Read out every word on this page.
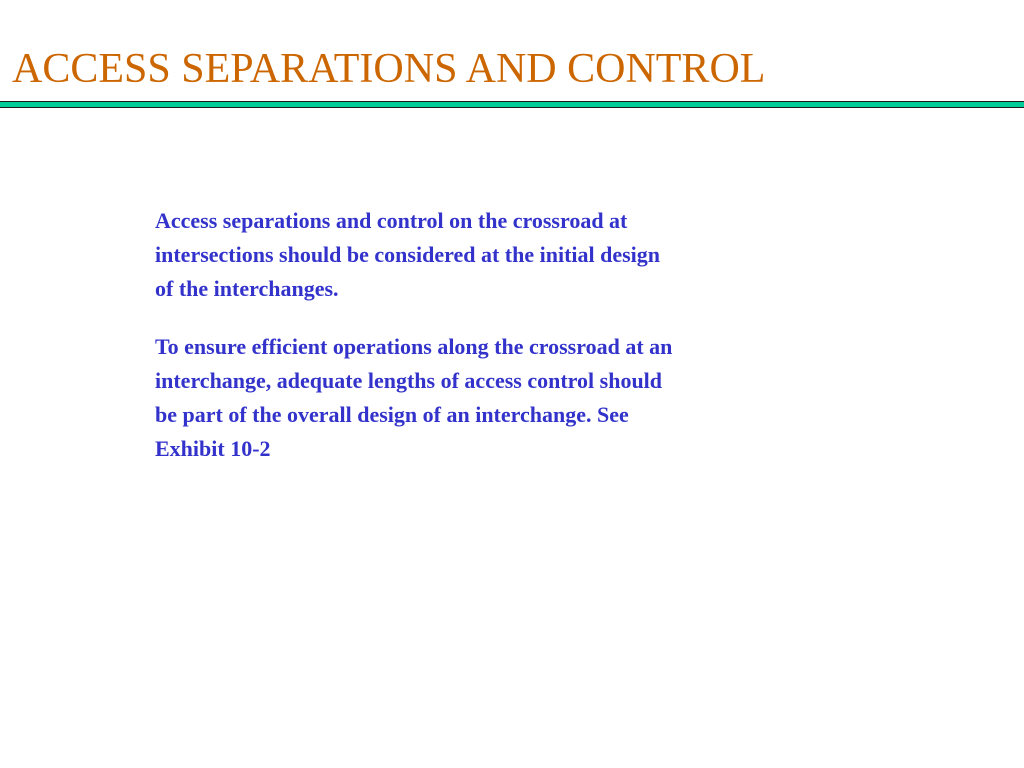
ACCESS SEPARATIONS AND CONTROL

Access separations and control on the crossroad at
intersections should be considered at the initial design
of the interchanges.

To ensure efficient operations along the crossroad at an
interchange, adequate lengths of access control should
be part of the overall design of an interchange. See
Exhibit 10-2
